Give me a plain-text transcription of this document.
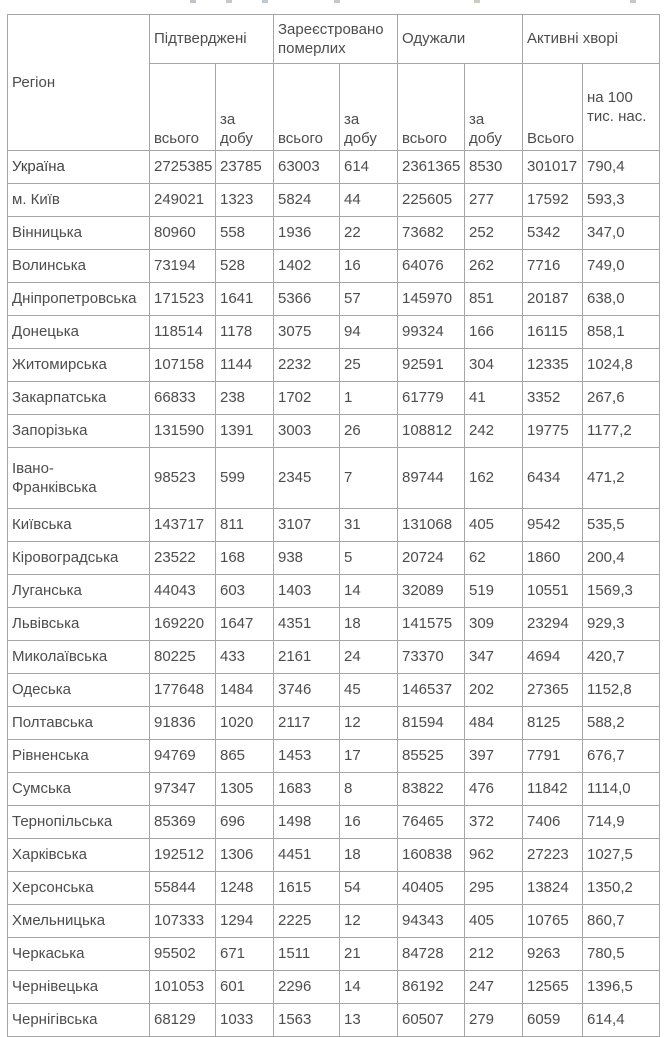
Регіон	Підтверджені		Зареєстровано померлих		Одужали		Активні хворі	
	всього	за добу	всього	за добу	всього	за добу	Всього	на 100 тис. нас.
Україна	2725385	23785	63003	614	2361365	8530	301017	790,4
м. Київ	249021	1323	5824	44	225605	277	17592	593,3
Вінницька	80960	558	1936	22	73682	252	5342	347,0
Волинська	73194	528	1402	16	64076	262	7716	749,0
Дніпропетровська	171523	1641	5366	57	145970	851	20187	638,0
Донецька	118514	1178	3075	94	99324	166	16115	858,1
Житомирська	107158	1144	2232	25	92591	304	12335	1024,8
Закарпатська	66833	238	1702	1	61779	41	3352	267,6
Запорізька	131590	1391	3003	26	108812	242	19775	1177,2
Івано-
Франківська	98523	599	2345	7	89744	162	6434	471,2
Київська	143717	811	3107	31	131068	405	9542	535,5
Кіровоградська	23522	168	938	5	20724	62	1860	200,4
Луганська	44043	603	1403	14	32089	519	10551	1569,3
Львівська	169220	1647	4351	18	141575	309	23294	929,3
Миколаївська	80225	433	2161	24	73370	347	4694	420,7
Одеська	177648	1484	3746	45	146537	202	27365	1152,8
Полтавська	91836	1020	2117	12	81594	484	8125	588,2
Рівненська	94769	865	1453	17	85525	397	7791	676,7
Сумська	97347	1305	1683	8	83822	476	11842	1114,0
Тернопільська	85369	696	1498	16	76465	372	7406	714,9
Харківська	192512	1306	4451	18	160838	962	27223	1027,5
Херсонська	55844	1248	1615	54	40405	295	13824	1350,2
Хмельницька	107333	1294	2225	12	94343	405	10765	860,7
Черкаська	95502	671	1511	21	84728	212	9263	780,5
Чернівецька	101053	601	2296	14	86192	247	12565	1396,5
Чернігівська	68129	1033	1563	13	60507	279	6059	614,4
